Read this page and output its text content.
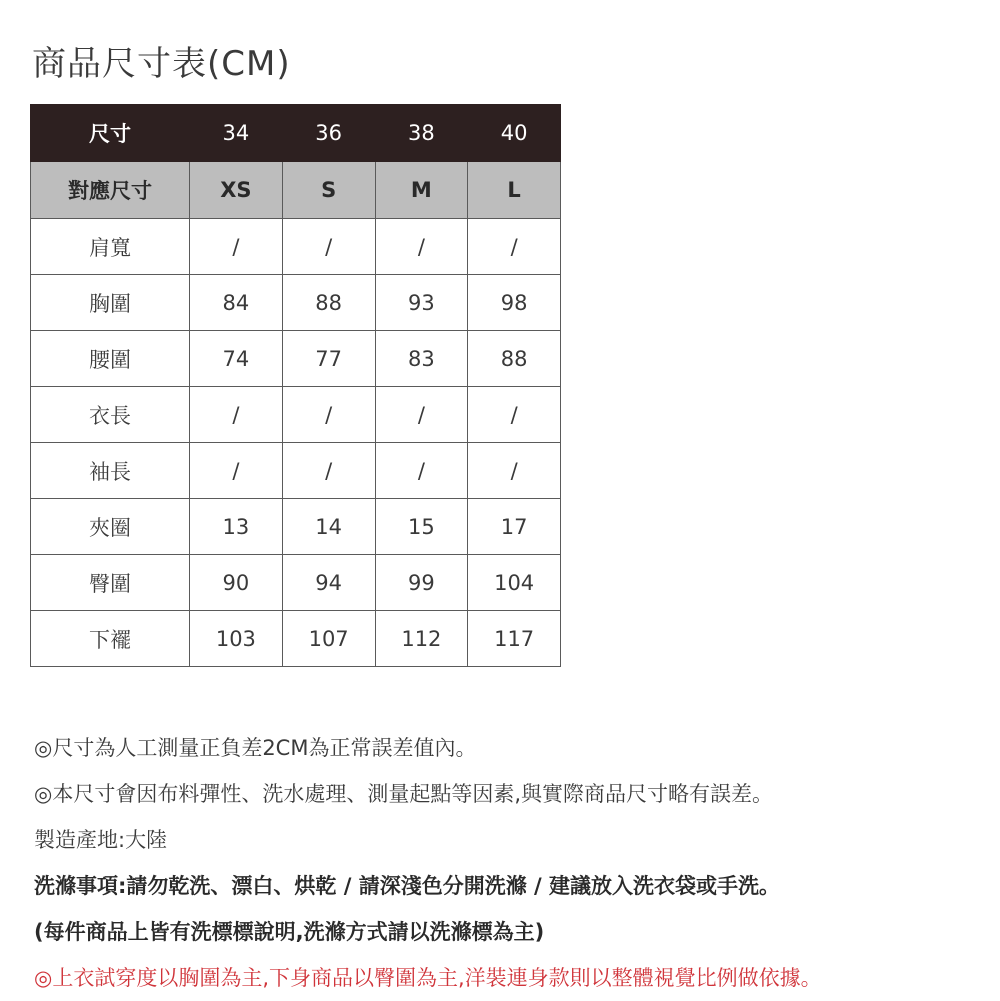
商品尺寸表(CM)
尺寸	34	36	38	40
對應尺寸	XS	S	M	L
肩寬	/	/	/	/
胸圍	84	88	93	98
腰圍	74	77	83	88
衣長	/	/	/	/
袖長	/	/	/	/
夾圈	13	14	15	17
臀圍	90	94	99	104
下襬	103	107	112	117
◎尺寸為人工測量正負差2CM為正常誤差值內。
◎本尺寸會因布料彈性、洗水處理、測量起點等因素,與實際商品尺寸略有誤差。
製造產地:大陸
洗滌事項:請勿乾洗、漂白、烘乾 / 請深淺色分開洗滌 / 建議放入洗衣袋或手洗。
(每件商品上皆有洗標標說明,洗滌方式請以洗滌標為主)
◎上衣試穿度以胸圍為主,下身商品以臀圍為主,洋裝連身款則以整體視覺比例做依據。
